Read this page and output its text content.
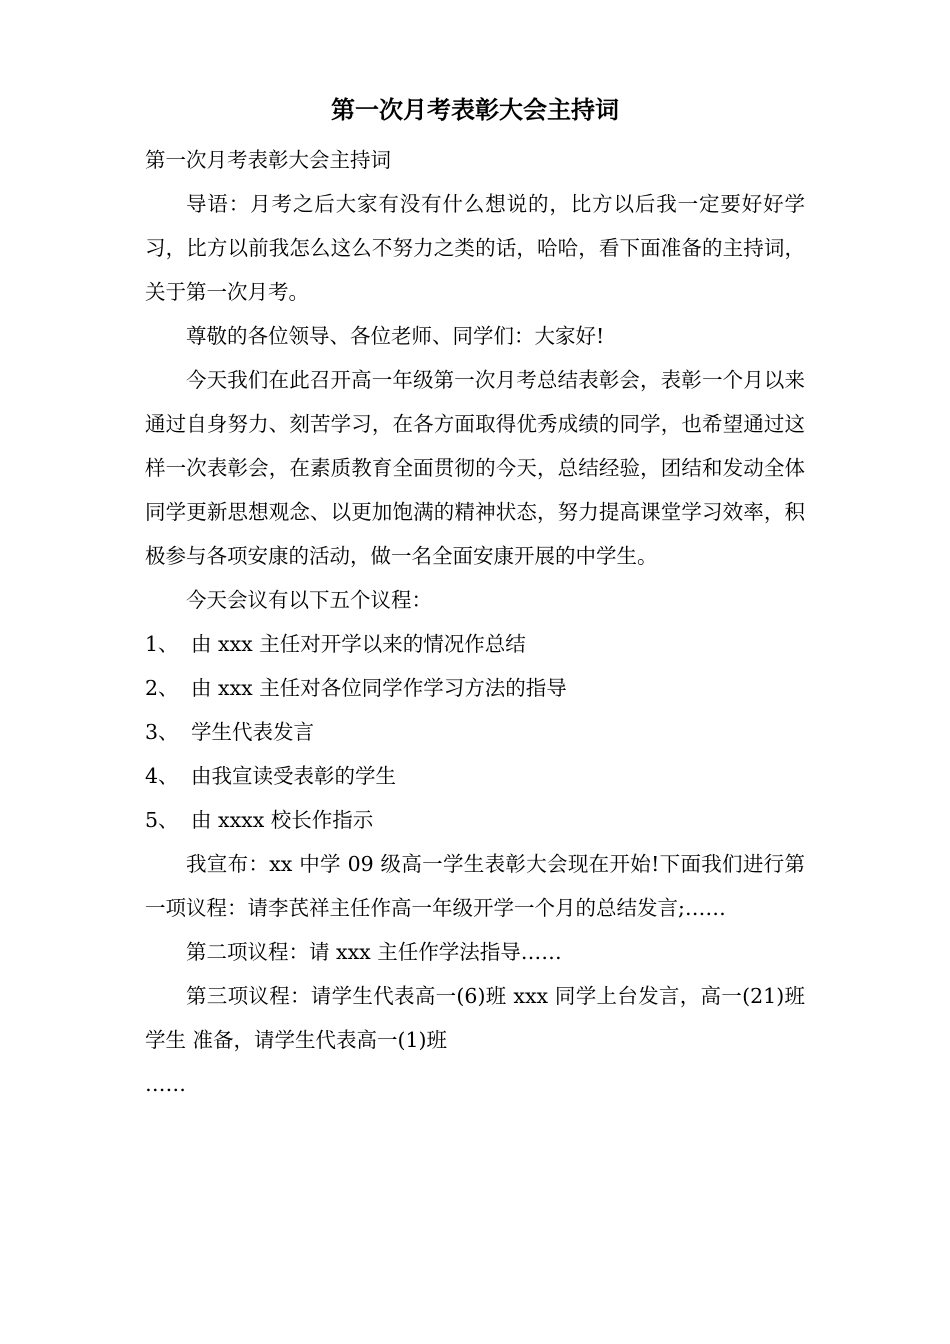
第一次月考表彰大会主持词

第一次月考表彰大会主持词

导语：月考之后大家有没有什么想说的，比方以后我一定要好好学习，比方以前我怎么这么不努力之类的话，哈哈，看下面准备的主持词，关于第一次月考。

尊敬的各位领导、各位老师、同学们：大家好!

今天我们在此召开高一年级第一次月考总结表彰会，表彰一个月以来通过自身努力、刻苦学习，在各方面取得优秀成绩的同学，也希望通过这样一次表彰会，在素质教育全面贯彻的今天，总结经验，团结和发动全体同学更新思想观念、以更加饱满的精神状态，努力提高课堂学习效率，积极参与各项安康的活动，做一名全面安康开展的中学生。

今天会议有以下五个议程：

1、 由 xxx 主任对开学以来的情况作总结

2、 由 xxx 主任对各位同学作学习方法的指导

3、 学生代表发言

4、 由我宣读受表彰的学生

5、 由 xxxx 校长作指示

我宣布：xx 中学 09 级高一学生表彰大会现在开始!下面我们进行第一项议程：请李芪祥主任作高一年级开学一个月的总结发言;……

第二项议程：请 xxx 主任作学法指导……

第三项议程：请学生代表高一(6)班 xxx 同学上台发言，高一(21)班学生 准备，请学生代表高一(1)班

……
